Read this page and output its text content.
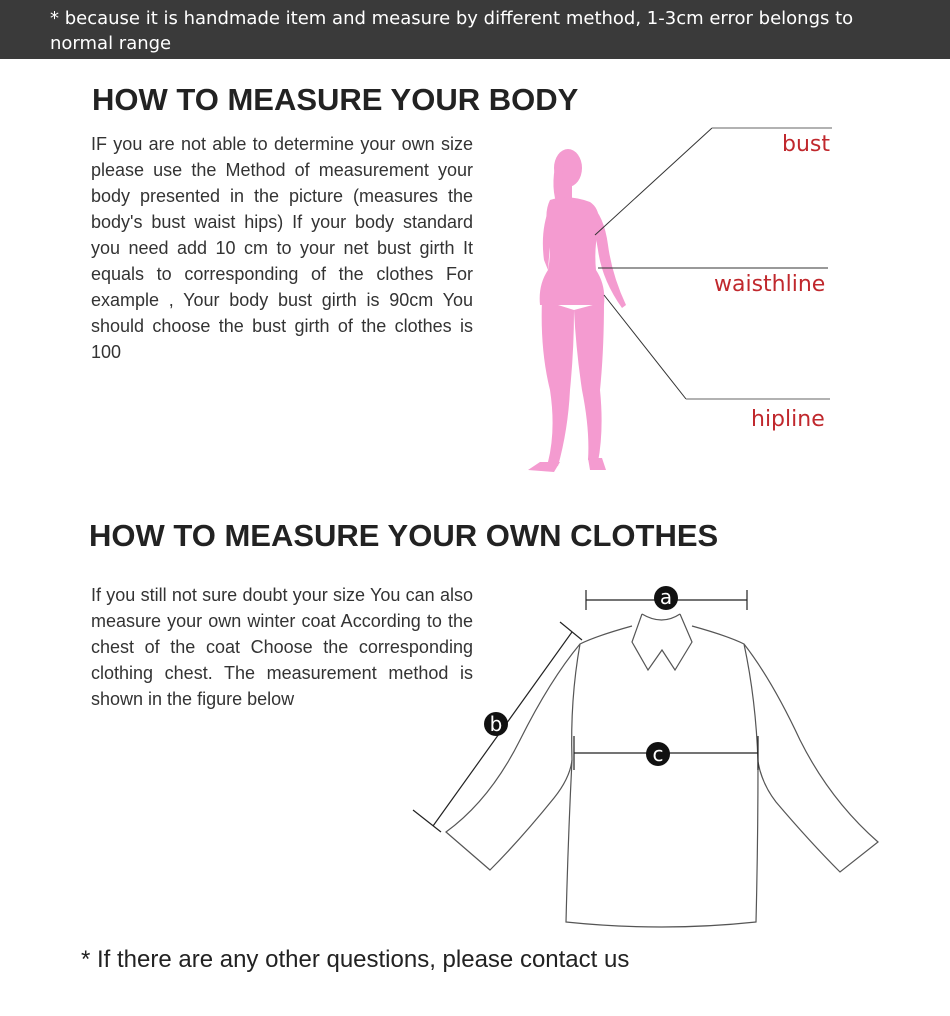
* because it is handmade item and measure by different method, 1-3cm error belongs to normal range
HOW TO MEASURE YOUR BODY
IF you are not able to determine your own size please use the Method of measurement your body presented in the picture (measures the body's bust waist hips) If your body standard you need add 10 cm to your net bust girth It equals to corresponding of the clothes For example , Your body bust girth is 90cm You should choose the bust girth of the clothes is 100
bust
waisthline
hipline
HOW TO MEASURE YOUR OWN CLOTHES
If you still not sure doubt your size You can also measure your own winter coat According to the chest of the coat Choose the corresponding clothing chest. The measurement method is shown in the figure below
a
b
c
* If there are any other questions, please contact us
